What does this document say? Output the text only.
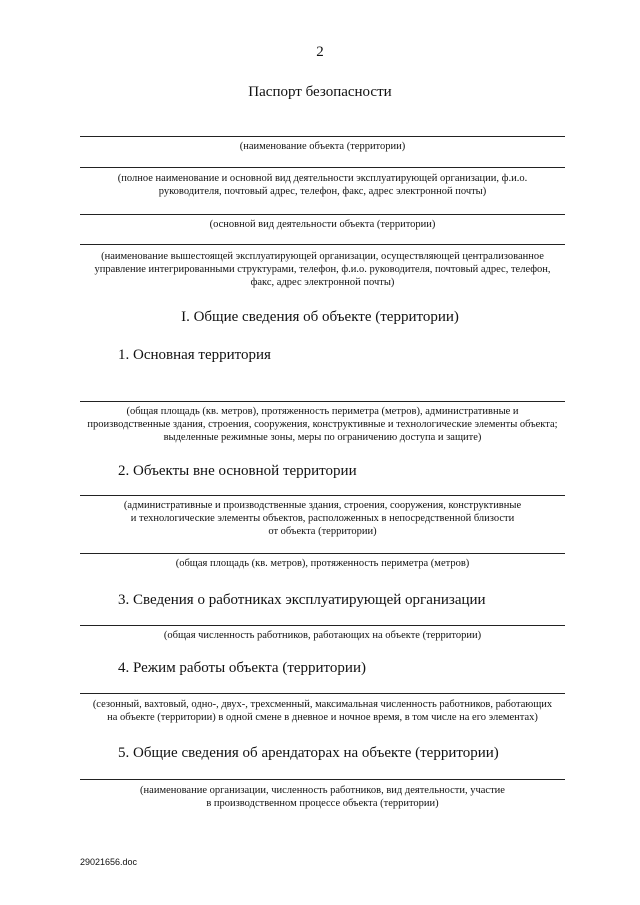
2
Паспорт безопасности
(наименование объекта (территории)
(полное наименование и основной вид деятельности эксплуатирующей организации, ф.и.о.
руководителя, почтовый адрес, телефон, факс, адрес электронной почты)
(основной вид деятельности объекта (территории)
(наименование вышестоящей эксплуатирующей организации, осуществляющей централизованное
управление интегрированными структурами, телефон, ф.и.о. руководителя, почтовый адрес, телефон,
факс, адрес электронной почты)
I. Общие сведения об объекте (территории)
1. Основная территория
(общая площадь (кв. метров), протяженность периметра (метров), административные и
производственные здания, строения, сооружения, конструктивные и технологические элементы объекта;
выделенные режимные зоны, меры по ограничению доступа и защите)
2. Объекты вне основной территории
(административные и производственные здания, строения, сооружения, конструктивные
и технологические элементы объектов, расположенных в непосредственной близости
от объекта (территории)
(общая площадь (кв. метров), протяженность периметра (метров)
3. Сведения о работниках эксплуатирующей организации
(общая численность работников, работающих на объекте (территории)
4. Режим работы объекта (территории)
(сезонный, вахтовый, одно-, двух-, трехсменный, максимальная численность работников, работающих
на объекте (территории) в одной смене в дневное и ночное время, в том числе на его элементах)
5. Общие сведения об арендаторах на объекте (территории)
(наименование организации, численность работников, вид деятельности, участие
в производственном процессе объекта (территории)
29021656.doc
